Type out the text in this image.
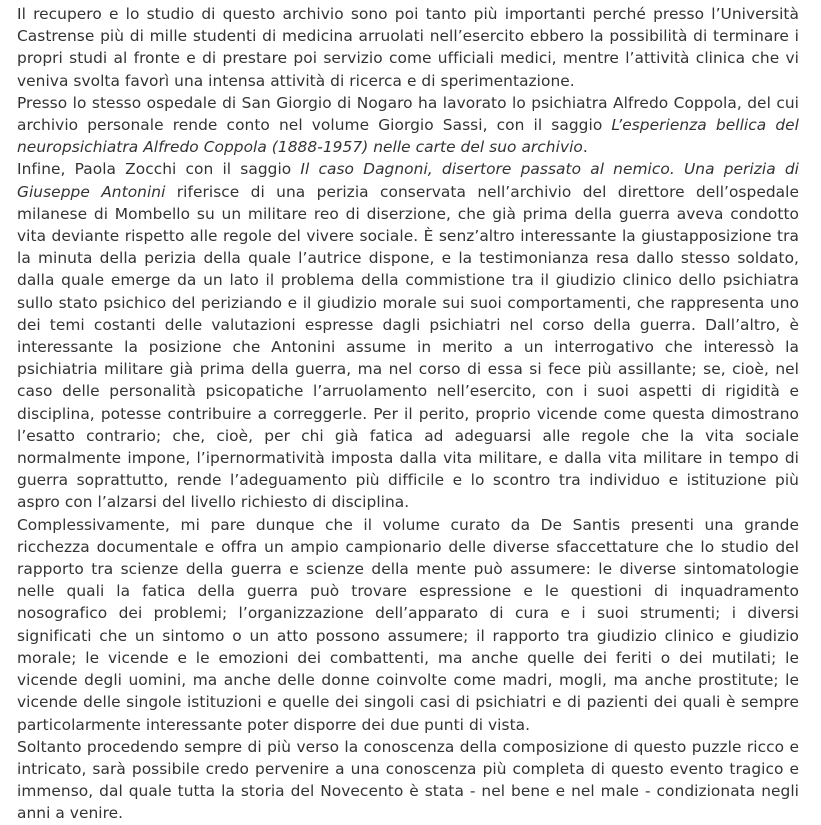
Il recupero e lo studio di questo archivio sono poi tanto più importanti perché presso l’Università Castrense più di mille studenti di medicina arruolati nell’esercito ebbero la possibilità di terminare i propri studi al fronte e di prestare poi servizio come ufficiali medici, mentre l’attività clinica che vi veniva svolta favorì una intensa attività di ricerca e di sperimentazione.

Presso lo stesso ospedale di San Giorgio di Nogaro ha lavorato lo psichiatra Alfredo Coppola, del cui archivio personale rende conto nel volume Giorgio Sassi, con il saggio L’esperienza bellica del neuropsichiatra Alfredo Coppola (1888-1957) nelle carte del suo archivio.

Infine, Paola Zocchi con il saggio Il caso Dagnoni, disertore passato al nemico. Una perizia di Giuseppe Antonini riferisce di una perizia conservata nell’archivio del direttore dell’ospedale milanese di Mombello su un militare reo di diserzione, che già prima della guerra aveva condotto vita deviante rispetto alle regole del vivere sociale. È senz’altro interessante la giustapposizione tra la minuta della perizia della quale l’autrice dispone, e la testimonianza resa dallo stesso soldato, dalla quale emerge da un lato il problema della commistione tra il giudizio clinico dello psichiatra sullo stato psichico del periziando e il giudizio morale sui suoi comportamenti, che rappresenta uno dei temi costanti delle valutazioni espresse dagli psichiatri nel corso della guerra. Dall’altro, è interessante la posizione che Antonini assume in merito a un interrogativo che interessò la psichiatria militare già prima della guerra, ma nel corso di essa si fece più assillante; se, cioè, nel caso delle personalità psicopatiche l’arruolamento nell’esercito, con i suoi aspetti di rigidità e disciplina, potesse contribuire a correggerle. Per il perito, proprio vicende come questa dimostrano l’esatto contrario; che, cioè, per chi già fatica ad adeguarsi alle regole che la vita sociale normalmente impone, l’ipernormatività imposta dalla vita militare, e dalla vita militare in tempo di guerra soprattutto, rende l’adeguamento più difficile e lo scontro tra individuo e istituzione più aspro con l’alzarsi del livello richiesto di disciplina.

Complessivamente, mi pare dunque che il volume curato da De Santis presenti una grande ricchezza documentale e offra un ampio campionario delle diverse sfaccettature che lo studio del rapporto tra scienze della guerra e scienze della mente può assumere: le diverse sintomatologie nelle quali la fatica della guerra può trovare espressione e le questioni di inquadramento nosografico dei problemi; l’organizzazione dell’apparato di cura e i suoi strumenti; i diversi significati che un sintomo o un atto possono assumere; il rapporto tra giudizio clinico e giudizio morale; le vicende e le emozioni dei combattenti, ma anche quelle dei feriti o dei mutilati; le vicende degli uomini, ma anche delle donne coinvolte come madri, mogli, ma anche prostitute; le vicende delle singole istituzioni e quelle dei singoli casi di psichiatri e di pazienti dei quali è sempre particolarmente interessante poter disporre dei due punti di vista.

Soltanto procedendo sempre di più verso la conoscenza della composizione di questo puzzle ricco e intricato, sarà possibile credo pervenire a una conoscenza più completa di questo evento tragico e immenso, dal quale tutta la storia del Novecento è stata - nel bene e nel male - condizionata negli anni a venire.
